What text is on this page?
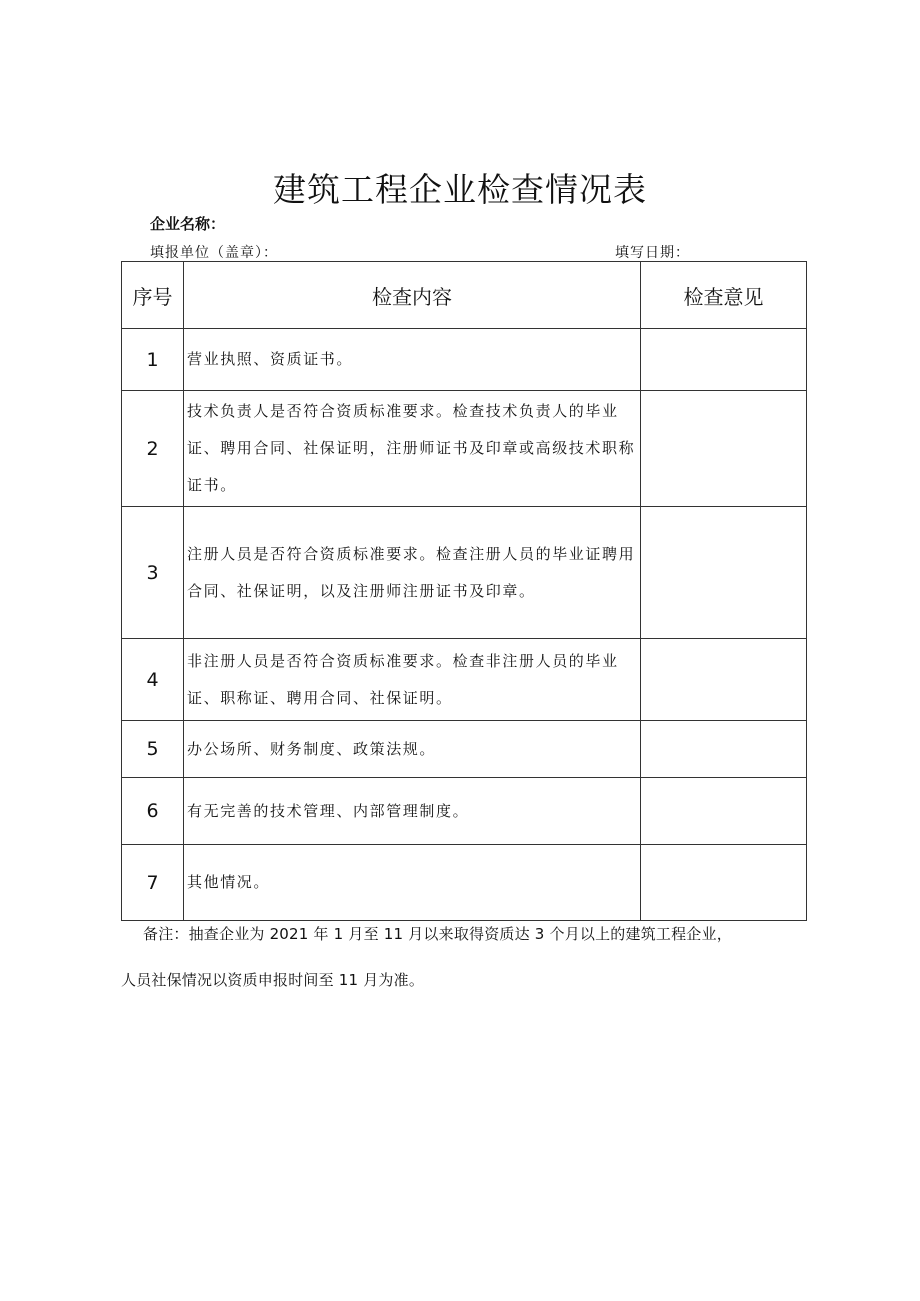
建筑工程企业检查情况表
企业名称：
填报单位（盖章）：	填写日期：
序号	检查内容	检查意见
1	营业执照、资质证书。	
2	技术负责人是否符合资质标准要求。检查技术负责人的毕业证、聘用合同、社保证明，注册师证书及印章或高级技术职称证书。	
3	注册人员是否符合资质标准要求。检查注册人员的毕业证聘用合同、社保证明，以及注册师注册证书及印章。	
4	非注册人员是否符合资质标准要求。检查非注册人员的毕业证、职称证、聘用合同、社保证明。	
5	办公场所、财务制度、政策法规。	
6	有无完善的技术管理、内部管理制度。	
7	其他情况。	
备注：抽查企业为 2021 年 1 月至 11 月以来取得资质达 3 个月以上的建筑工程企业，
人员社保情况以资质申报时间至 11 月为准。
